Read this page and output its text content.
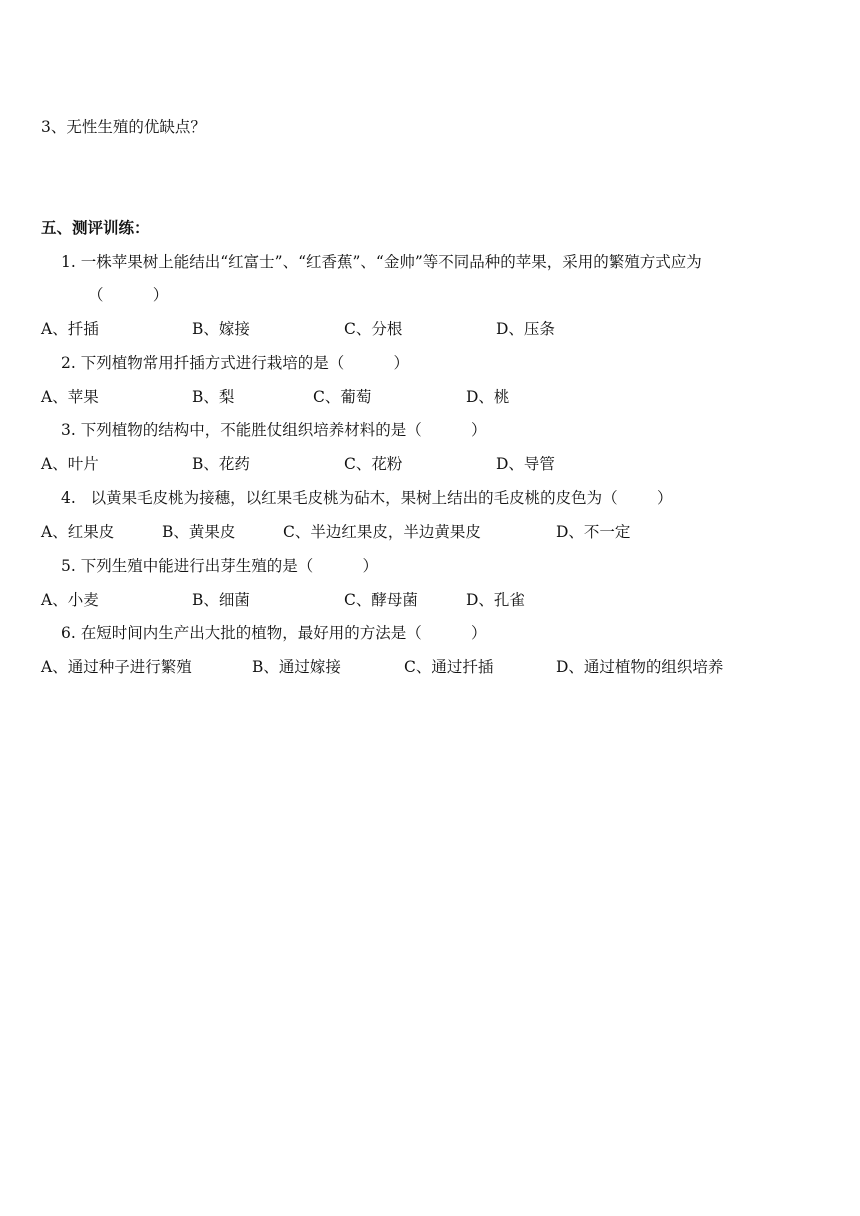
3、无性生殖的优缺点？
五、测评训练：
1. 一株苹果树上能结出“红富士”、“红香蕉”、“金帅”等不同品种的苹果，采用的繁殖方式应为
（          ）
A、扦插	B、嫁接	C、分根	D、压条
2. 下列植物常用扦插方式进行栽培的是（          ）
A、苹果	B、梨	C、葡萄	D、桃
3. 下列植物的结构中，不能胜仗组织培养材料的是（          ）
A、叶片	B、花药	C、花粉	D、导管
4.   以黄果毛皮桃为接穗，以红果毛皮桃为砧木，果树上结出的毛皮桃的皮色为（        ）
A、红果皮	B、黄果皮	C、半边红果皮，半边黄果皮	D、不一定
5. 下列生殖中能进行出芽生殖的是（          ）
A、小麦	B、细菌	C、酵母菌	D、孔雀
6. 在短时间内生产出大批的植物，最好用的方法是（          ）
A、通过种子进行繁殖	B、通过嫁接	C、通过扦插	D、通过植物的组织培养
